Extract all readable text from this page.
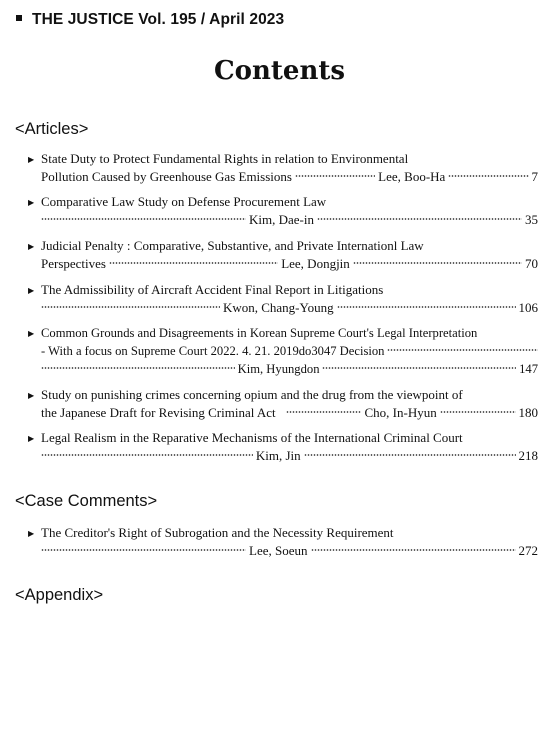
THE JUSTICE Vol. 195 / April 2023
Contents
<Articles>
▶ State Duty to Protect Fundamental Rights in relation to Environmental
Pollution Caused by Greenhouse Gas Emissions	Lee, Boo-Ha	7
▶ Comparative Law Study on Defense Procurement Law
Kim, Dae-in	35
▶ Judicial Penalty : Comparative, Substantive, and Private Internationl Law
Perspectives	Lee, Dongjin	70
▶ The Admissibility of Aircraft Accident Final Report in Litigations
Kwon, Chang-Young	106
▶ Common Grounds and Disagreements in Korean Supreme Court's Legal Interpretation
- With a focus on Supreme Court 2022. 4. 21. 2019do3047 Decision
Kim, Hyungdon	147
▶ Study on punishing crimes concerning opium and the drug from the viewpoint of
the Japanese Draft for Revising Criminal Act	Cho, In-Hyun	180
▶ Legal Realism in the Reparative Mechanisms of the International Criminal Court
Kim, Jin	218
<Case Comments>
▶ The Creditor's Right of Subrogation and the Necessity Requirement
Lee, Soeun	272
<Appendix>
